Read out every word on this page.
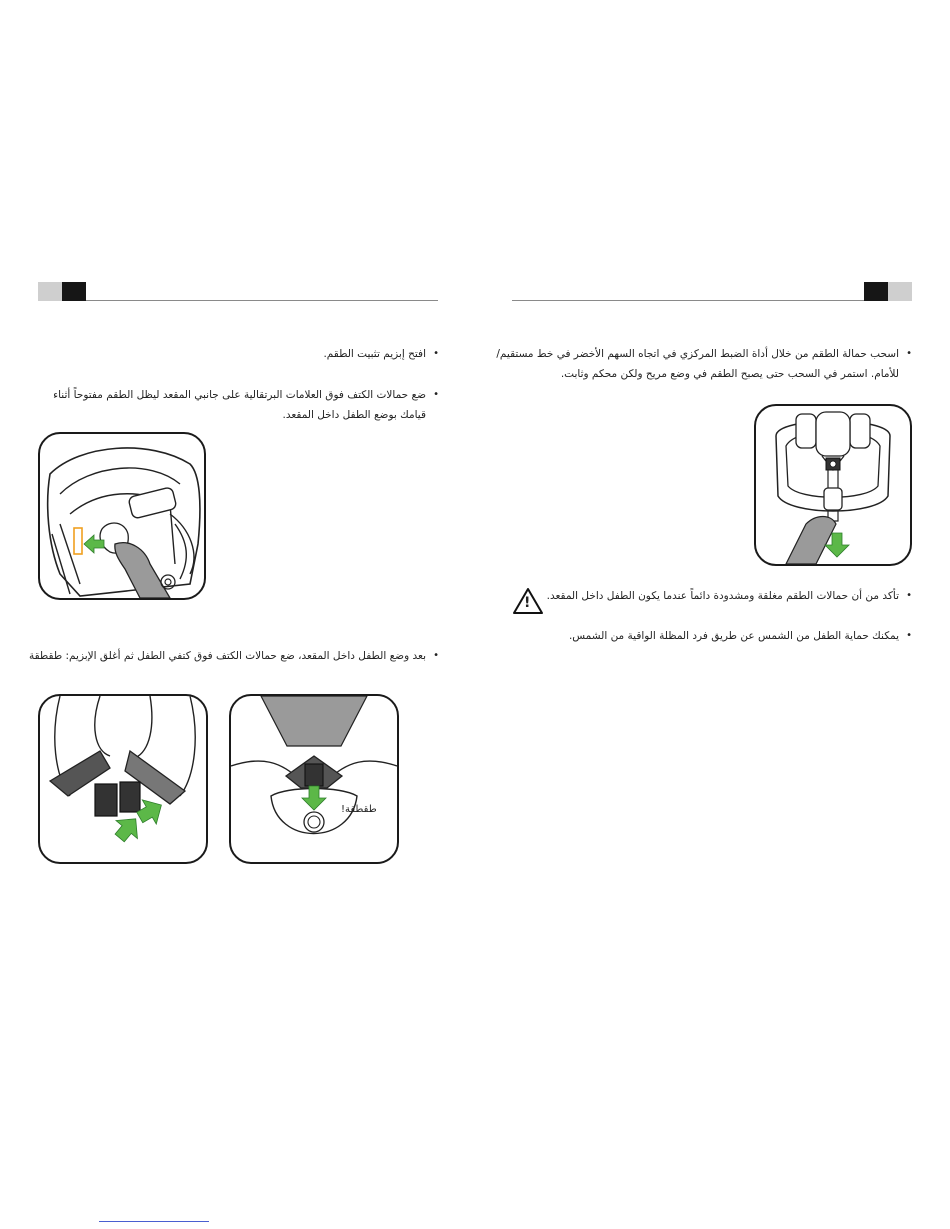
• افتح إبزيم تثبيت الطقم.
• ضع حمالات الكتف فوق العلامات البرتقالية على جانبي المقعد ليظل الطقم مفتوحاً أثناء
قيامك بوضع الطفل داخل المقعد.
• بعد وضع الطفل داخل المقعد، ضع حمالات الكتف فوق كتفي الطفل ثم أغلق الإبزيم: طقطقة
طقطقة!
• اسحب حمالة الطقم من خلال أداة الضبط المركزي في اتجاه السهم الأخضر في خط مستقيم/
للأمام. استمر في السحب حتى يصبح الطقم في وضع مريح ولكن محكم وثابت.
• تأكد من أن حمالات الطقم مغلقة ومشدودة دائماً عندما يكون الطفل داخل المقعد.
• يمكنك حماية الطفل من الشمس عن طريق فرد المظلة الواقية من الشمس.
!
